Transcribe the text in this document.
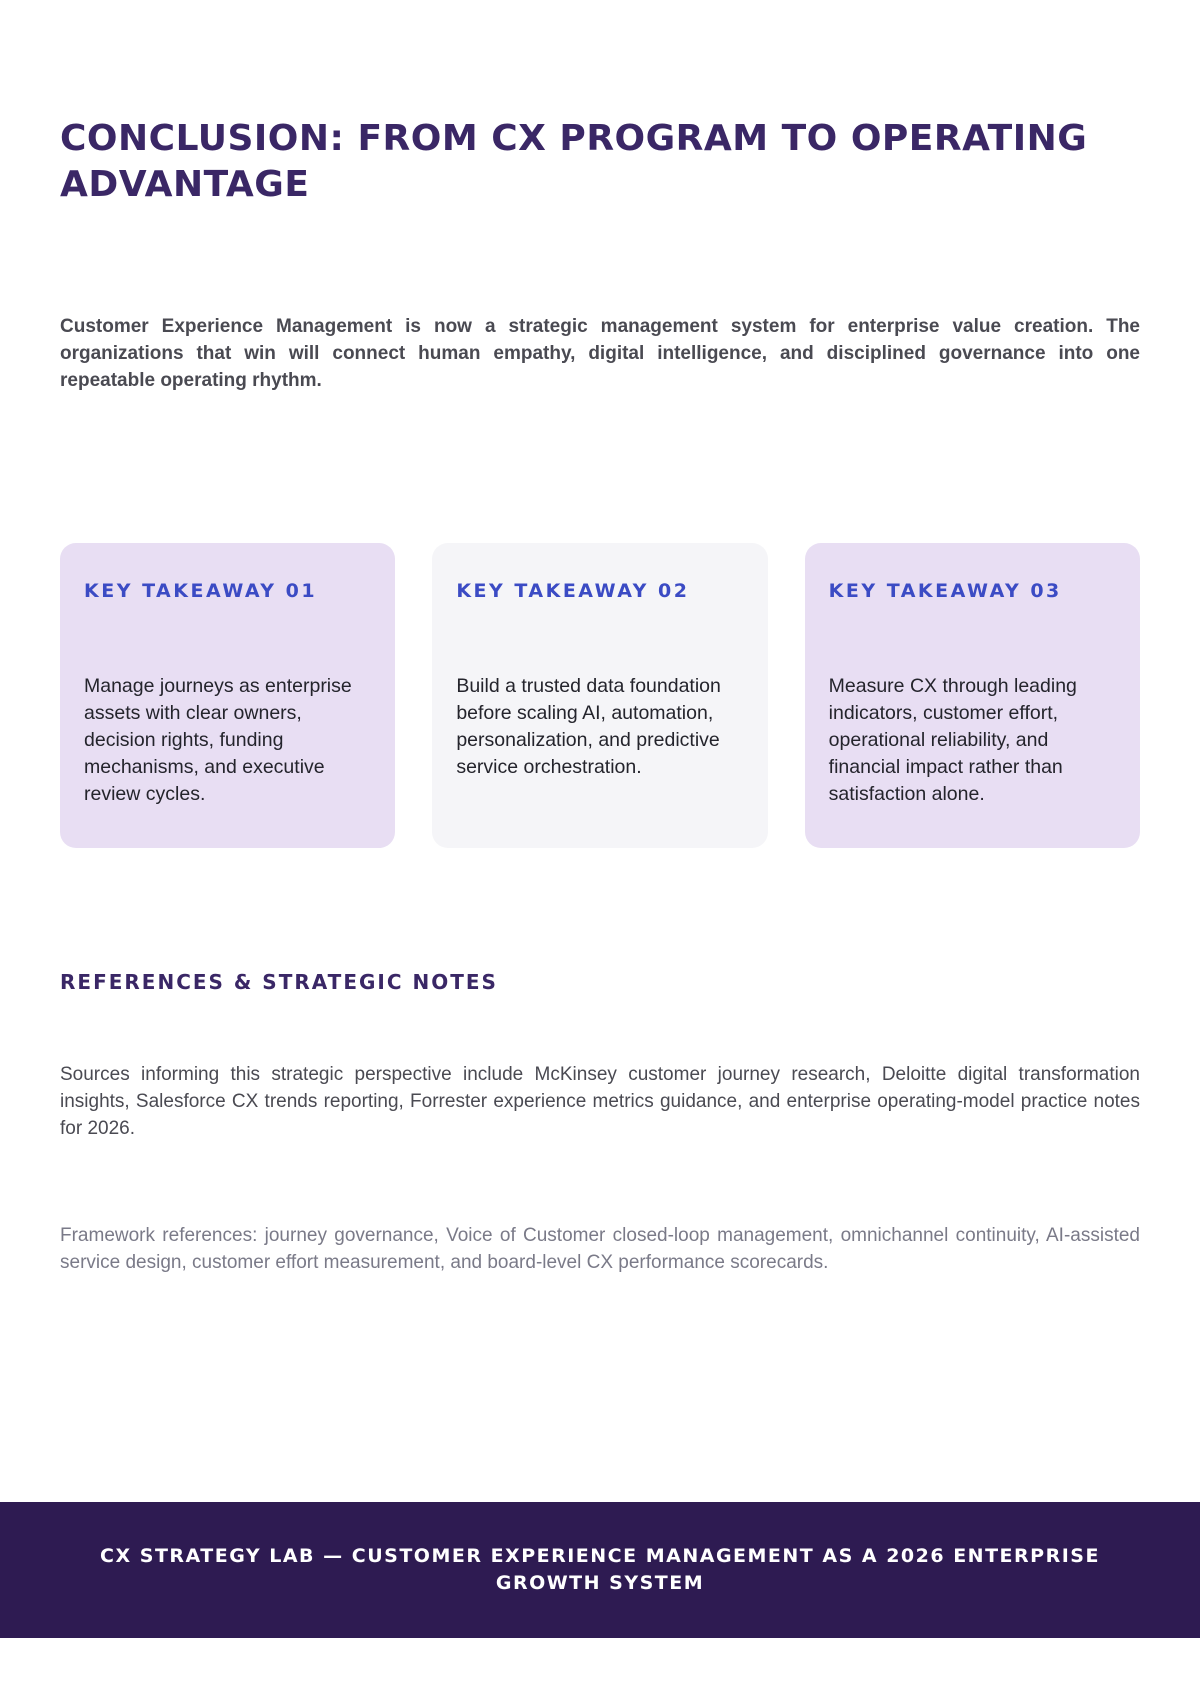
CONCLUSION: FROM CX PROGRAM TO OPERATING ADVANTAGE

Customer Experience Management is now a strategic management system for enterprise value creation. The organizations that win will connect human empathy, digital intelligence, and disciplined governance into one repeatable operating rhythm.

KEY TAKEAWAY 01

Manage journeys as enterprise assets with clear owners, decision rights, funding mechanisms, and executive review cycles.

KEY TAKEAWAY 02

Build a trusted data foundation before scaling AI, automation, personalization, and predictive service orchestration.

KEY TAKEAWAY 03

Measure CX through leading indicators, customer effort, operational reliability, and financial impact rather than satisfaction alone.

REFERENCES & STRATEGIC NOTES

Sources informing this strategic perspective include McKinsey customer journey research, Deloitte digital transformation insights, Salesforce CX trends reporting, Forrester experience metrics guidance, and enterprise operating-model practice notes for 2026.

Framework references: journey governance, Voice of Customer closed-loop management, omnichannel continuity, AI-assisted service design, customer effort measurement, and board-level CX performance scorecards.

CX STRATEGY LAB — CUSTOMER EXPERIENCE MANAGEMENT AS A 2026 ENTERPRISE GROWTH SYSTEM
